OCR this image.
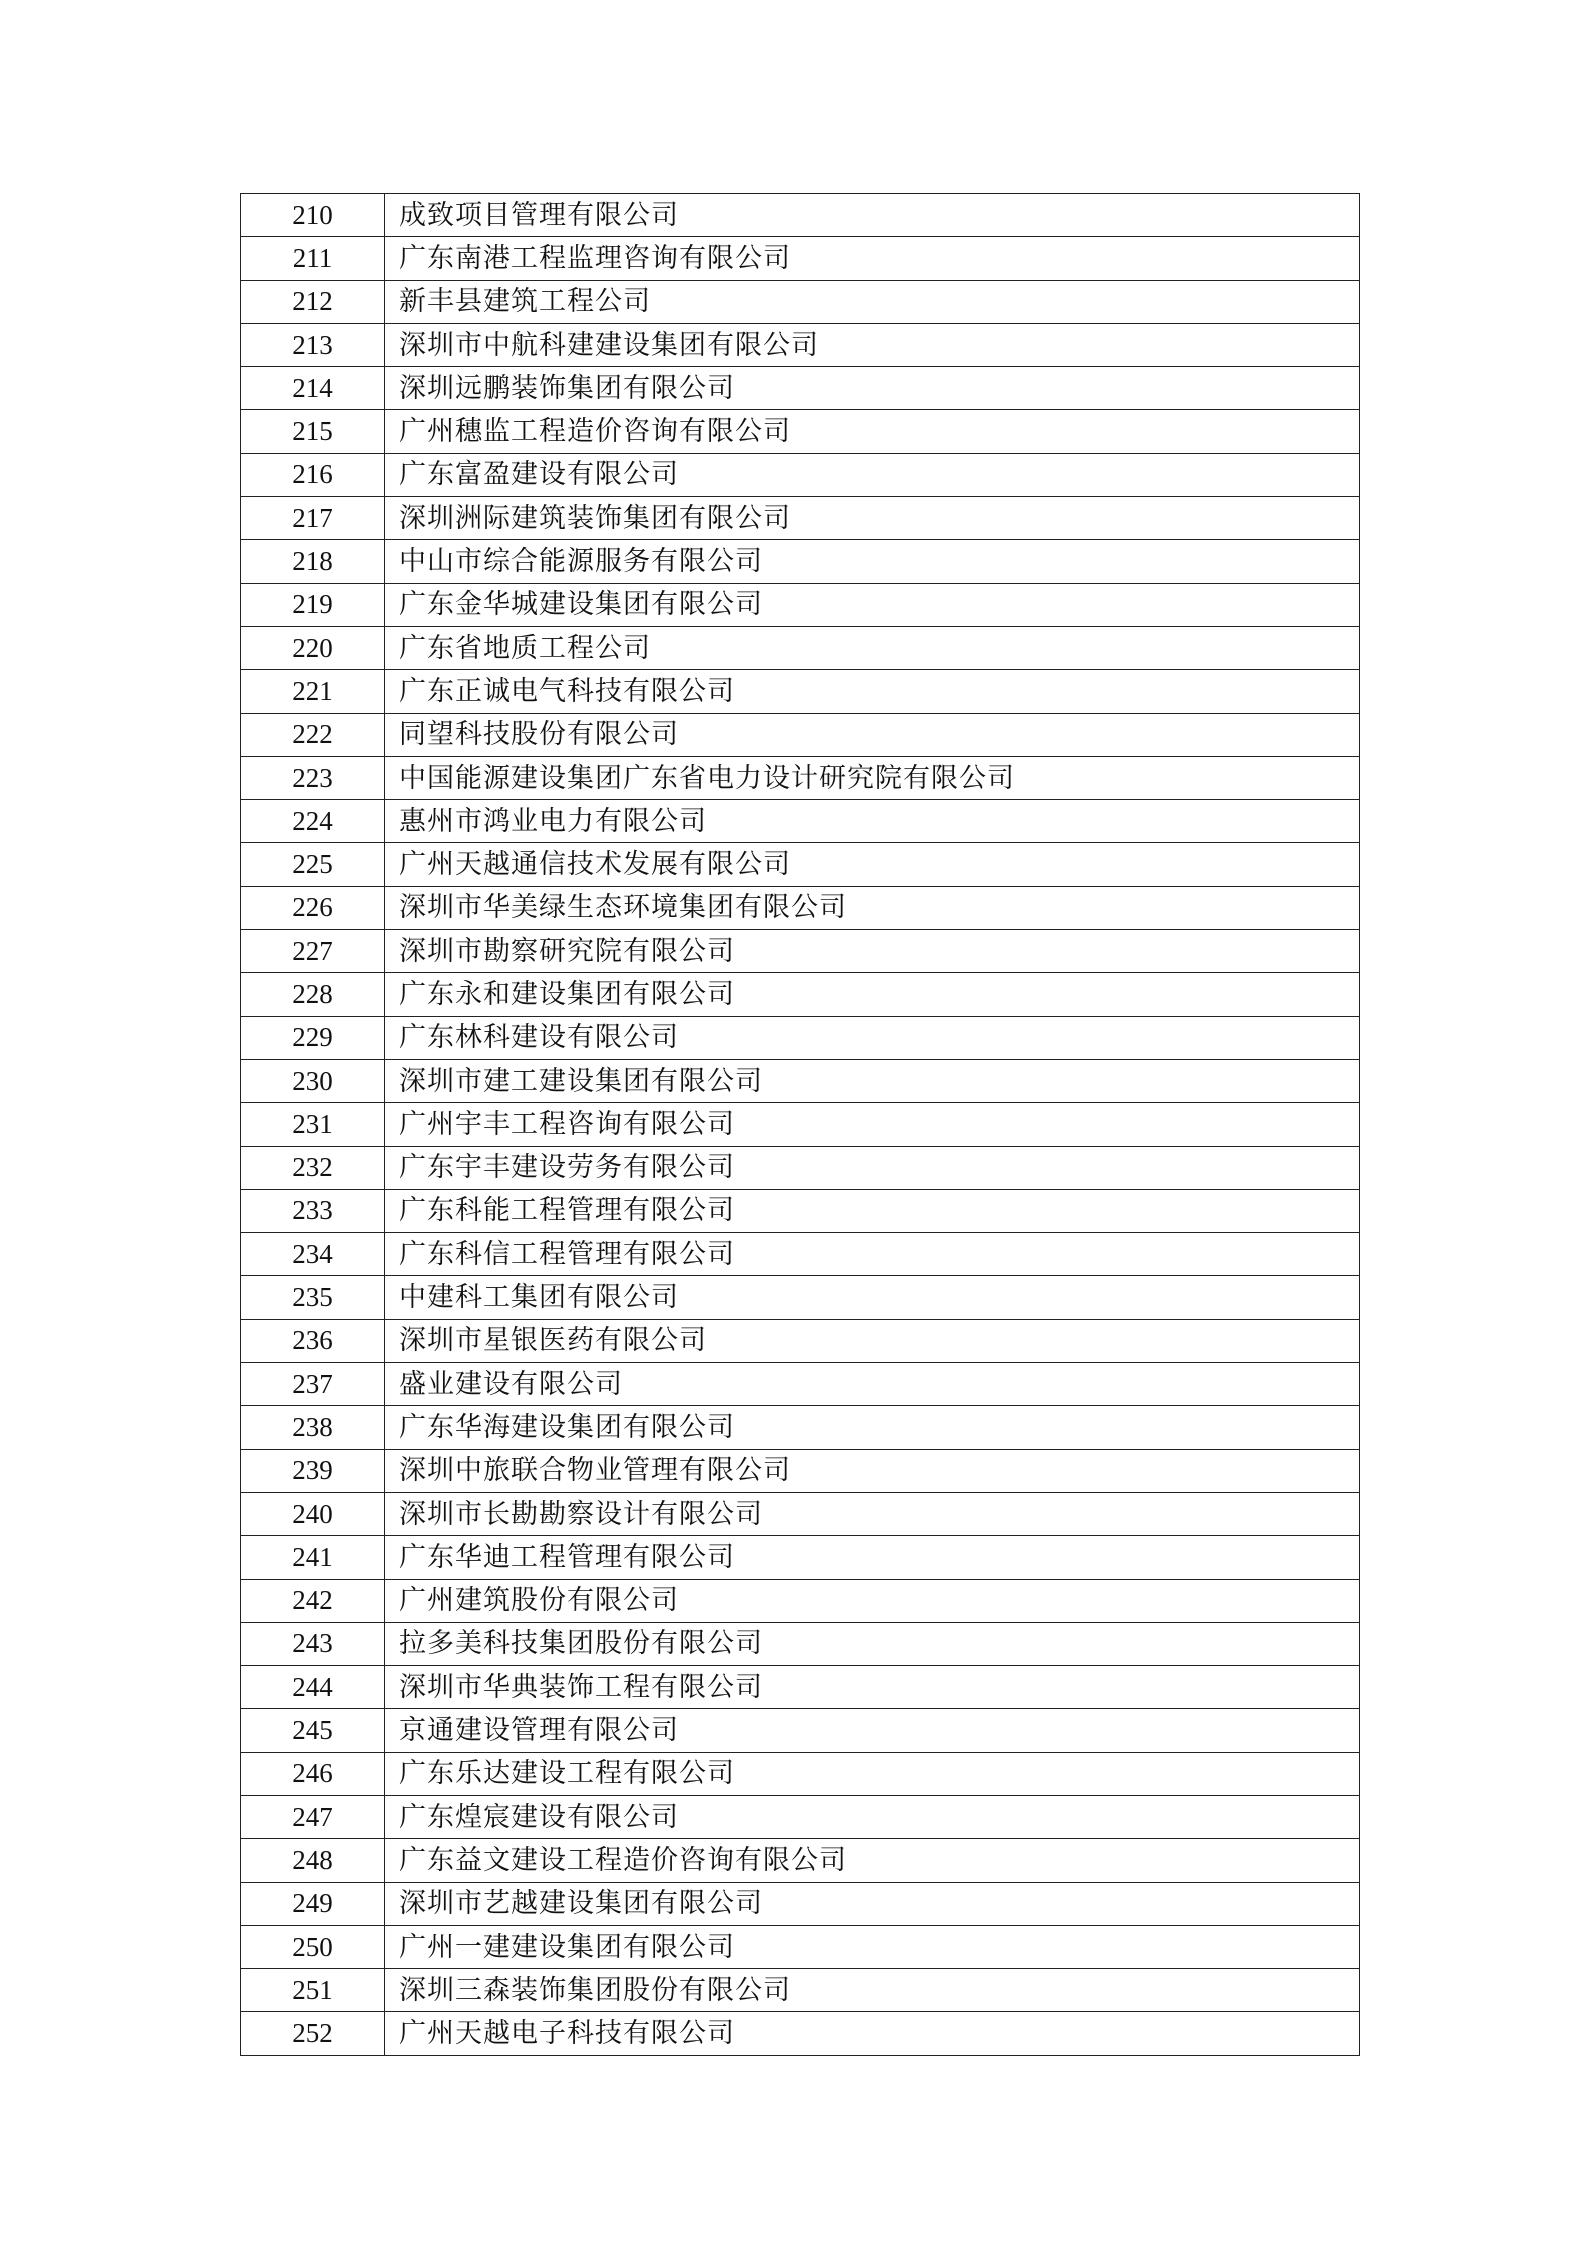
210	成致项目管理有限公司
211	广东南港工程监理咨询有限公司
212	新丰县建筑工程公司
213	深圳市中航科建建设集团有限公司
214	深圳远鹏装饰集团有限公司
215	广州穗监工程造价咨询有限公司
216	广东富盈建设有限公司
217	深圳洲际建筑装饰集团有限公司
218	中山市综合能源服务有限公司
219	广东金华城建设集团有限公司
220	广东省地质工程公司
221	广东正诚电气科技有限公司
222	同望科技股份有限公司
223	中国能源建设集团广东省电力设计研究院有限公司
224	惠州市鸿业电力有限公司
225	广州天越通信技术发展有限公司
226	深圳市华美绿生态环境集团有限公司
227	深圳市勘察研究院有限公司
228	广东永和建设集团有限公司
229	广东林科建设有限公司
230	深圳市建工建设集团有限公司
231	广州宇丰工程咨询有限公司
232	广东宇丰建设劳务有限公司
233	广东科能工程管理有限公司
234	广东科信工程管理有限公司
235	中建科工集团有限公司
236	深圳市星银医药有限公司
237	盛业建设有限公司
238	广东华海建设集团有限公司
239	深圳中旅联合物业管理有限公司
240	深圳市长勘勘察设计有限公司
241	广东华迪工程管理有限公司
242	广州建筑股份有限公司
243	拉多美科技集团股份有限公司
244	深圳市华典装饰工程有限公司
245	京通建设管理有限公司
246	广东乐达建设工程有限公司
247	广东煌宸建设有限公司
248	广东益文建设工程造价咨询有限公司
249	深圳市艺越建设集团有限公司
250	广州一建建设集团有限公司
251	深圳三森装饰集团股份有限公司
252	广州天越电子科技有限公司
